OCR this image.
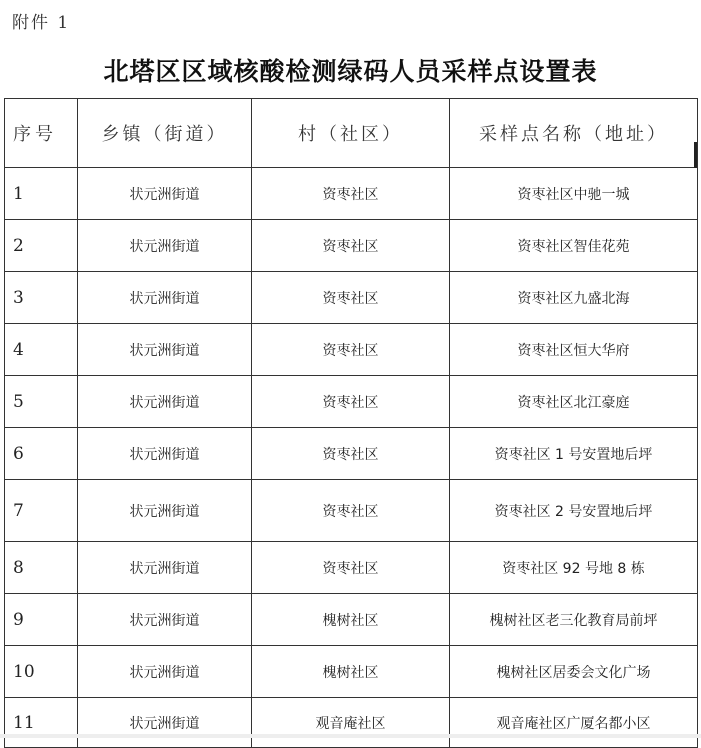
附件 1
北塔区区域核酸检测绿码人员采样点设置表
序号	乡镇（街道）	村（社区）	采样点名称（地址）
1	状元洲街道	资枣社区	资枣社区中驰一城
2	状元洲街道	资枣社区	资枣社区智佳花苑
3	状元洲街道	资枣社区	资枣社区九盛北海
4	状元洲街道	资枣社区	资枣社区恒大华府
5	状元洲街道	资枣社区	资枣社区北江豪庭
6	状元洲街道	资枣社区	资枣社区 1 号安置地后坪
7	状元洲街道	资枣社区	资枣社区 2 号安置地后坪
8	状元洲街道	资枣社区	资枣社区 92 号地 8 栋
9	状元洲街道	槐树社区	槐树社区老三化教育局前坪
10	状元洲街道	槐树社区	槐树社区居委会文化广场
11	状元洲街道	观音庵社区	观音庵社区广厦名都小区
